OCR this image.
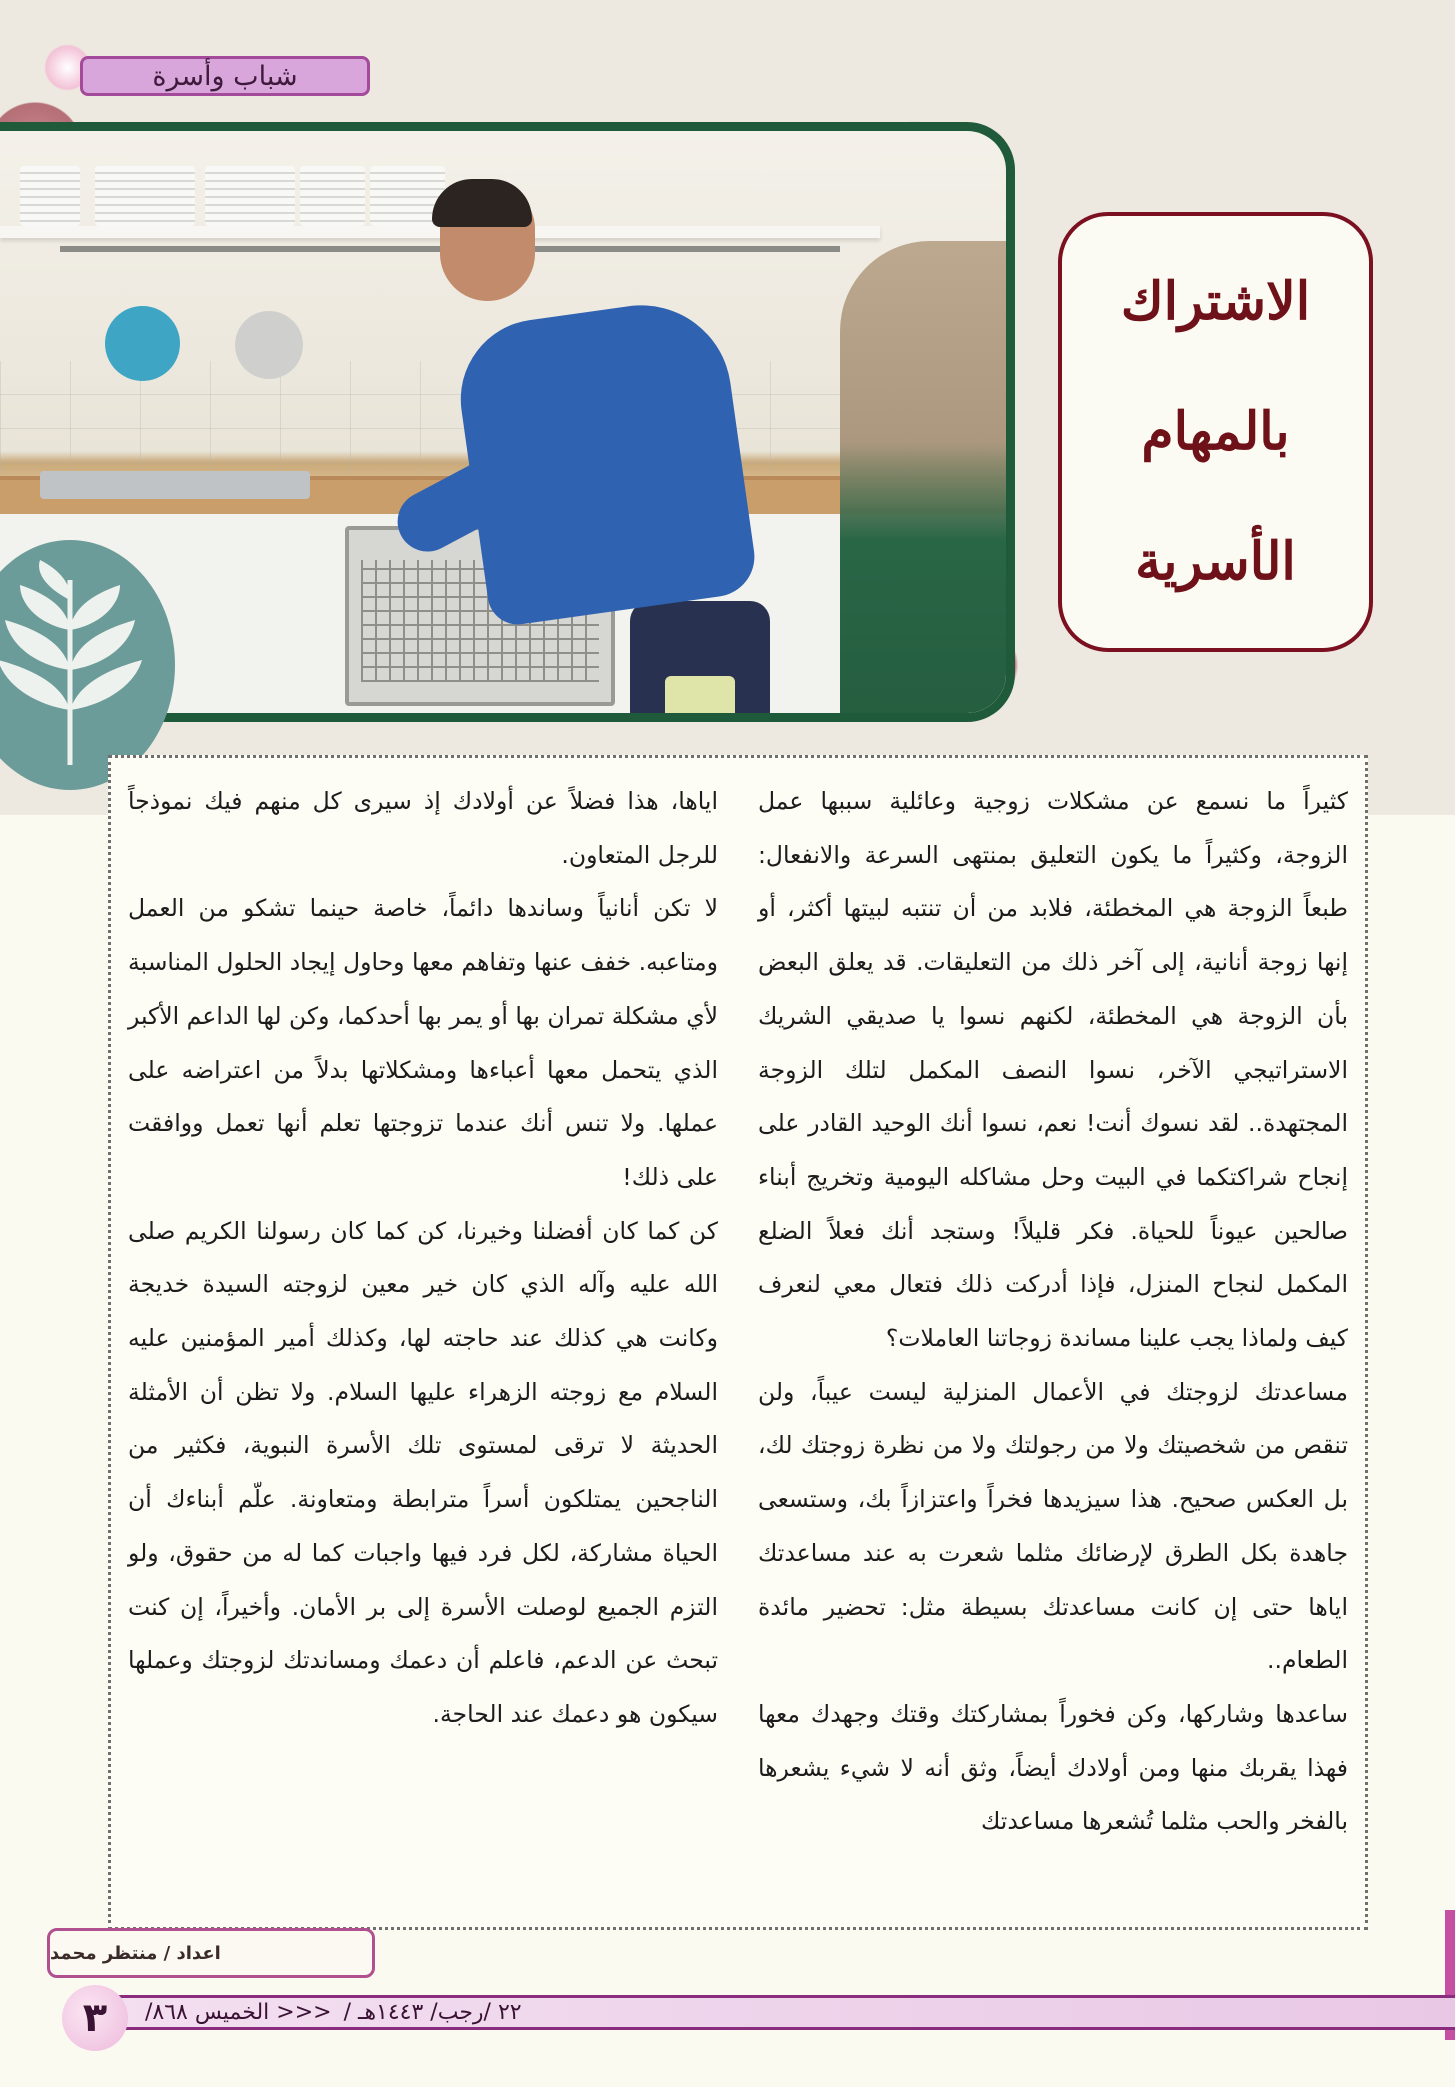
شباب وأسرة
الاشتراك
بالمهام
الأسرية

كثيراً ما نسمع عن مشكلات زوجية وعائلية سببها عمل الزوجة، وكثيراً ما يكون التعليق بمنتهى السرعة والانفعال: طبعاً الزوجة هي المخطئة، فلابد من أن تنتبه لبيتها أكثر، أو إنها زوجة أنانية، إلى آخر ذلك من التعليقات. قد يعلق البعض بأن الزوجة هي المخطئة، لكنهم نسوا يا صديقي الشريك الاستراتيجي الآخر، نسوا النصف المكمل لتلك الزوجة المجتهدة.. لقد نسوك أنت! نعم، نسوا أنك الوحيد القادر على إنجاح شراكتكما في البيت وحل مشاكله اليومية وتخريج أبناء صالحين عيوناً للحياة. فكر قليلاً! وستجد أنك فعلاً الضلع المكمل لنجاح المنزل، فإذا أدركت ذلك فتعال معي لنعرف كيف ولماذا يجب علينا مساندة زوجاتنا العاملات؟

مساعدتك لزوجتك في الأعمال المنزلية ليست عيباً، ولن تنقص من شخصيتك ولا من رجولتك ولا من نظرة زوجتك لك، بل العكس صحيح. هذا سيزيدها فخراً واعتزازاً بك، وستسعى جاهدة بكل الطرق لإرضائك مثلما شعرت به عند مساعدتك اياها حتى إن كانت مساعدتك بسيطة مثل: تحضير مائدة الطعام..

ساعدها وشاركها، وكن فخوراً بمشاركتك وقتك وجهدك معها فهذا يقربك منها ومن أولادك أيضاً، وثق أنه لا شيء يشعرها بالفخر والحب مثلما تُشعرها مساعدتك

اياها، هذا فضلاً عن أولادك إذ سيرى كل منهم فيك نموذجاً للرجل المتعاون.

لا تكن أنانياً وساندها دائماً، خاصة حينما تشكو من العمل ومتاعبه. خفف عنها وتفاهم معها وحاول إيجاد الحلول المناسبة لأي مشكلة تمران بها أو يمر بها أحدكما، وكن لها الداعم الأكبر الذي يتحمل معها أعباءها ومشكلاتها بدلاً من اعتراضه على عملها. ولا تنس أنك عندما تزوجتها تعلم أنها تعمل ووافقت على ذلك!

كن كما كان أفضلنا وخيرنا، كن كما كان رسولنا الكريم صلى الله عليه وآله الذي كان خير معين لزوجته السيدة خديجة وكانت هي كذلك عند حاجته لها، وكذلك أمير المؤمنين عليه السلام مع زوجته الزهراء عليها السلام. ولا تظن أن الأمثلة الحديثة لا ترقى لمستوى تلك الأسرة النبوية، فكثير من الناجحين يمتلكون أسراً مترابطة ومتعاونة. علّم أبناءك أن الحياة مشاركة، لكل فرد فيها واجبات كما له من حقوق، ولو التزم الجميع لوصلت الأسرة إلى بر الأمان. وأخيراً، إن كنت تبحث عن الدعم، فاعلم أن دعمك ومساندتك لزوجتك وعملها سيكون هو دعمك عند الحاجة.

اعداد / منتظر محمد
<<< الخميس ٨٦٨/ ٢٢ /رجب/ ١٤٤٣هـ /
٣
